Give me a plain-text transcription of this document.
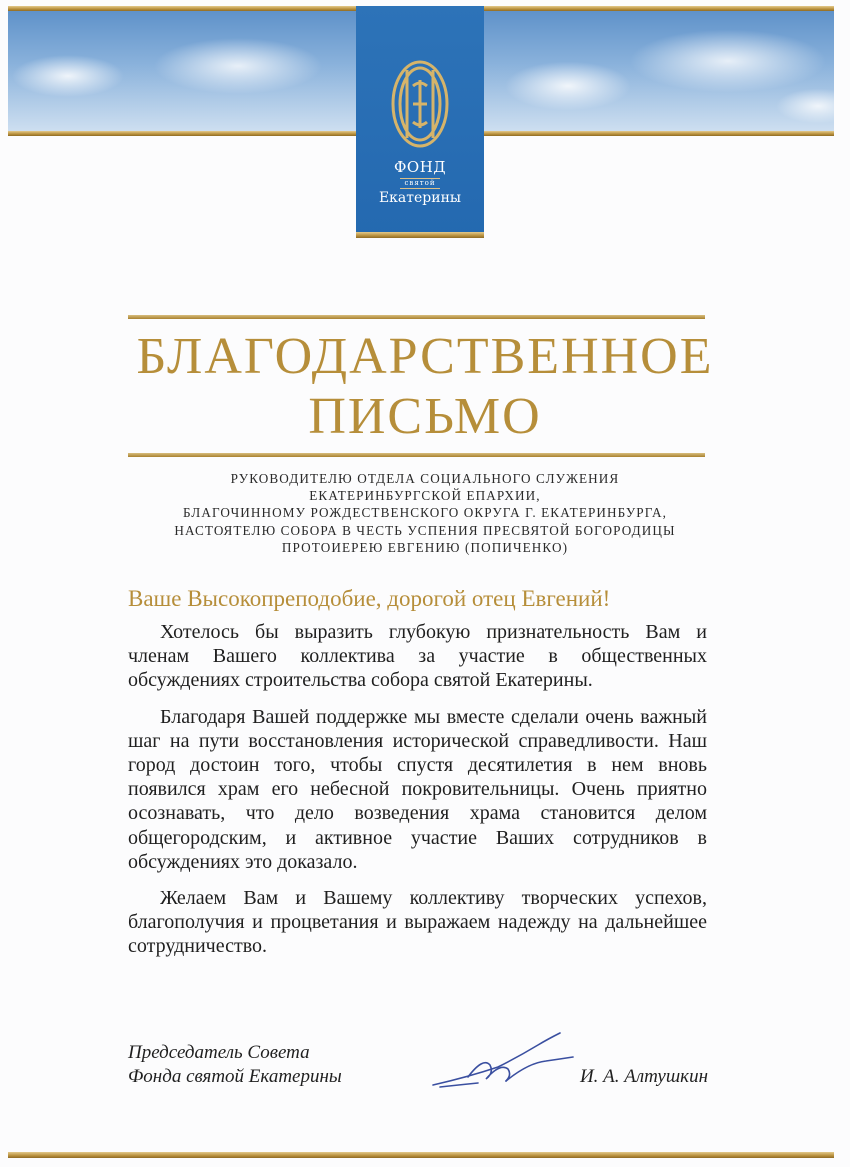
ФОНД
святой
Екатерины
БЛАГОДАРСТВЕННОЕ
ПИСЬМО
РУКОВОДИТЕЛЮ ОТДЕЛА СОЦИАЛЬНОГО СЛУЖЕНИЯ
ЕКАТЕРИНБУРГСКОЙ ЕПАРХИИ,
БЛАГОЧИННОМУ РОЖДЕСТВЕНСКОГО ОКРУГА Г. ЕКАТЕРИНБУРГА,
НАСТОЯТЕЛЮ СОБОРА В ЧЕСТЬ УСПЕНИЯ ПРЕСВЯТОЙ БОГОРОДИЦЫ
ПРОТОИЕРЕЮ ЕВГЕНИЮ (ПОПИЧЕНКО)
Ваше Высокопреподобие, дорогой отец Евгений!

Хотелось бы выразить глубокую признательность Вам и членам Вашего коллектива за участие в общественных обсуждениях строительства собора святой Екатерины.

Благодаря Вашей поддержке мы вместе сделали очень важный шаг на пути восстановления исторической справедливости. Наш город достоин того, чтобы спустя десятилетия в нем вновь появился храм его небесной покровительницы. Очень приятно осознавать, что дело возведения храма становится делом общегородским, и активное участие Ваших сотрудников в обсуждениях это доказало.

Желаем Вам и Вашему коллективу творческих успехов, благополучия и процветания и выражаем надежду на дальнейшее сотрудничество.

Председатель Совета
Фонда святой Екатерины	И. А. Алтушкин
